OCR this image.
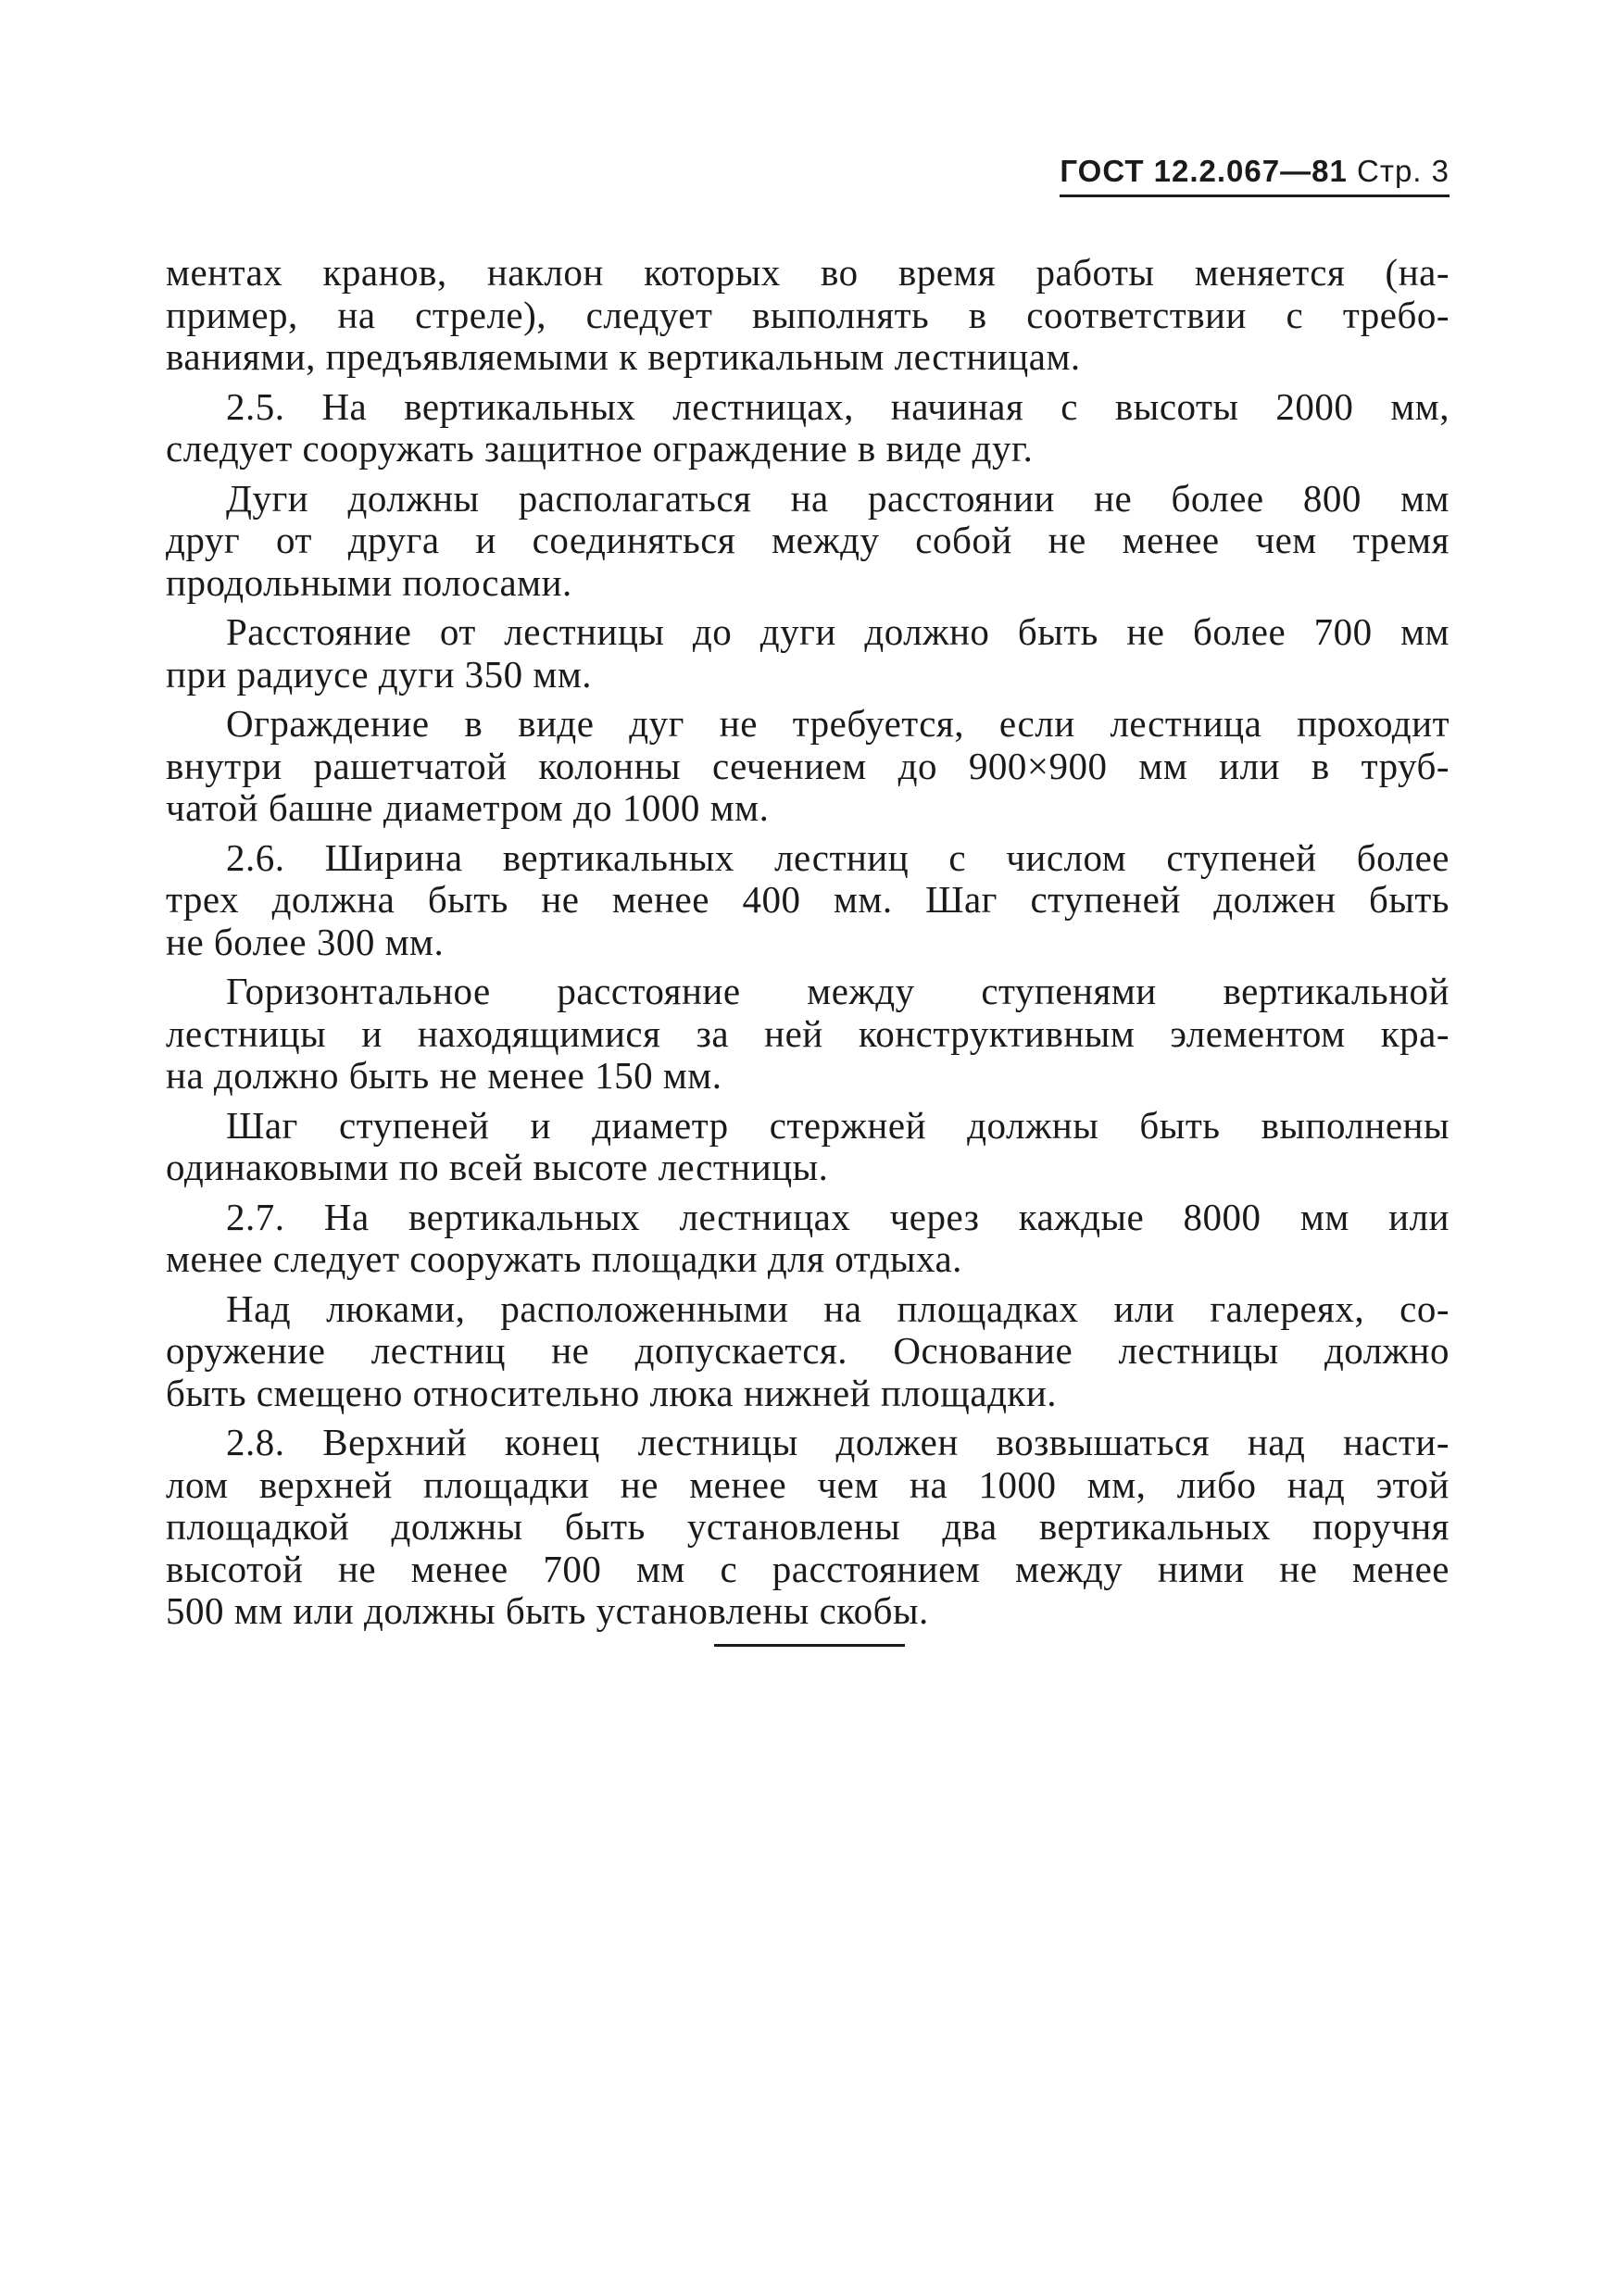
ГОСТ 12.2.067—81 Стр. 3
ментах кранов, наклон которых во время работы меняется (на-
пример, на стреле), следует выполнять в соответствии с требо-
ваниями, предъявляемыми к вертикальным лестницам.
2.5. На вертикальных лестницах, начиная с высоты 2000 мм,
следует сооружать защитное ограждение в виде дуг.
Дуги должны располагаться на расстоянии не более 800 мм
друг от друга и соединяться между собой не менее чем тремя
продольными полосами.
Расстояние от лестницы до дуги должно быть не более 700 мм
при радиусе дуги 350 мм.
Ограждение в виде дуг не требуется, если лестница проходит
внутри рашетчатой колонны сечением до 900×900 мм или в труб-
чатой башне диаметром до 1000 мм.
2.6. Ширина вертикальных лестниц с числом ступеней более
трех должна быть не менее 400 мм. Шаг ступеней должен быть
не более 300 мм.
Горизонтальное расстояние между ступенями вертикальной
лестницы и находящимися за ней конструктивным элементом кра-
на должно быть не менее 150 мм.
Шаг ступеней и диаметр стержней должны быть выполнены
одинаковыми по всей высоте лестницы.
2.7. На вертикальных лестницах через каждые 8000 мм или
менее следует сооружать площадки для отдыха.
Над люками, расположенными на площадках или галереях, со-
оружение лестниц не допускается. Основание лестницы должно
быть смещено относительно люка нижней площадки.
2.8. Верхний конец лестницы должен возвышаться над насти-
лом верхней площадки не менее чем на 1000 мм, либо над этой
площадкой должны быть установлены два вертикальных поручня
высотой не менее 700 мм с расстоянием между ними не менее
500 мм или должны быть установлены скобы.
